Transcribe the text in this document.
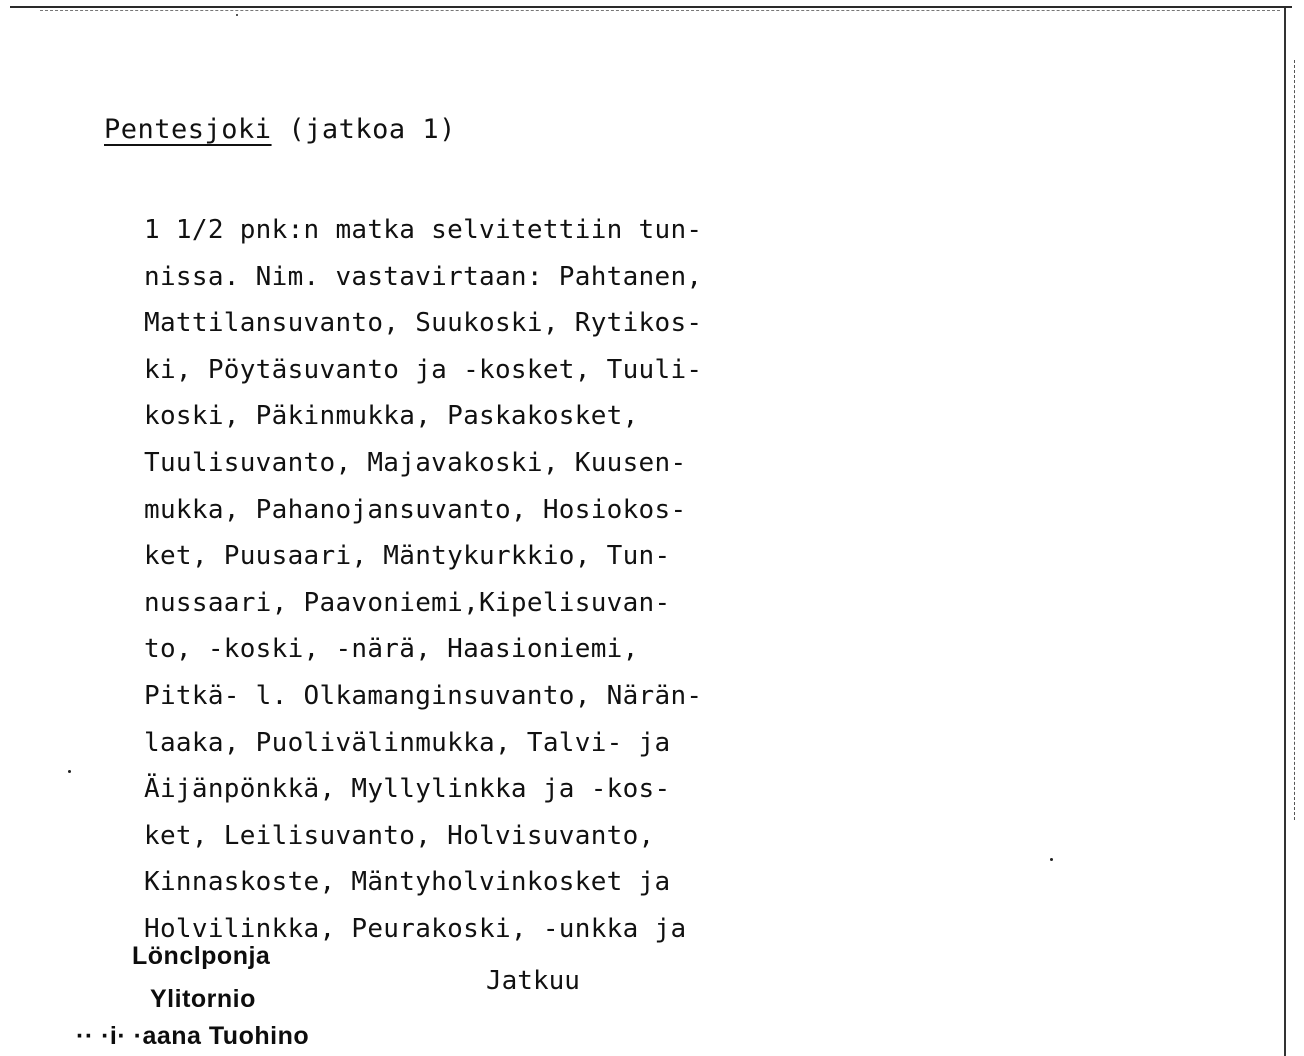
Pentesjoki (jatkoa 1)
1 1/2 pnk:n matka selvitettiin tun-
nissa. Nim. vastavirtaan: Pahtanen,
Mattilansuvanto, Suukoski, Rytikos-
ki, Pöytäsuvanto ja -kosket, Tuuli-
koski, Päkinmukka, Paskakosket,
Tuulisuvanto, Majavakoski, Kuusen-
mukka, Pahanojansuvanto, Hosiokos-
ket, Puusaari, Mäntykurkkio, Tun-
nussaari, Paavoniemi,Kipelisuvan-
to, -koski, -närä, Haasioniemi,
Pitkä- l. Olkamanginsuvanto, Närän-
laaka, Puolivälinmukka, Talvi- ja
Äijänpönkkä, Myllylinkka ja -kos-
ket, Leilisuvanto, Holvisuvanto,
Kinnaskoste, Mäntyholvinkosket ja
Holvilinkka, Peurakoski, -unkka ja
Jatkuu
Lönclponja
Ylitornio
·· ·i· ·aana Tuohino
